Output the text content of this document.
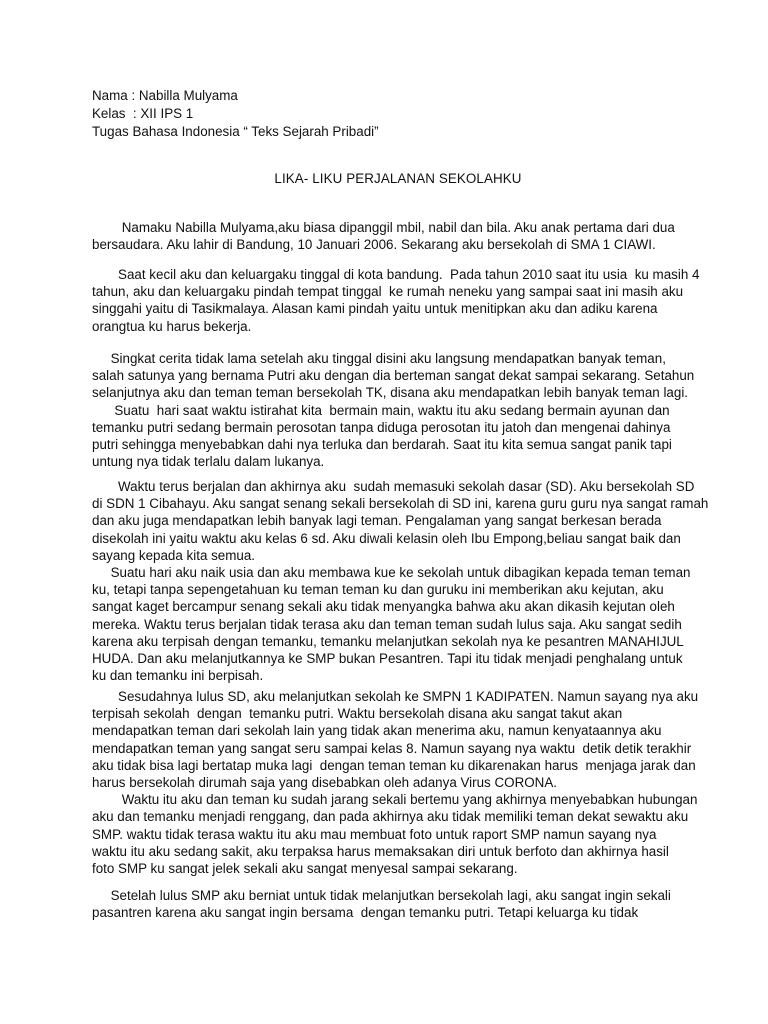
Nama : Nabilla Mulyama
Kelas  : XII IPS 1
Tugas Bahasa Indonesia “ Teks Sejarah Pribadi”
LIKA- LIKU PERJALANAN SEKOLAHKU
Namaku Nabilla Mulyama,aku biasa dipanggil mbil, nabil dan bila. Aku anak pertama dari dua
bersaudara. Aku lahir di Bandung, 10 Januari 2006. Sekarang aku bersekolah di SMA 1 CIAWI.
Saat kecil aku dan keluargaku tinggal di kota bandung.  Pada tahun 2010 saat itu usia  ku masih 4
tahun, aku dan keluargaku pindah tempat tinggal  ke rumah neneku yang sampai saat ini masih aku
singgahi yaitu di Tasikmalaya. Alasan kami pindah yaitu untuk menitipkan aku dan adiku karena
orangtua ku harus bekerja.
Singkat cerita tidak lama setelah aku tinggal disini aku langsung mendapatkan banyak teman,
salah satunya yang bernama Putri aku dengan dia berteman sangat dekat sampai sekarang. Setahun
selanjutnya aku dan teman teman bersekolah TK, disana aku mendapatkan lebih banyak teman lagi.
Suatu  hari saat waktu istirahat kita  bermain main, waktu itu aku sedang bermain ayunan dan
temanku putri sedang bermain perosotan tanpa diduga perosotan itu jatoh dan mengenai dahinya
putri sehingga menyebabkan dahi nya terluka dan berdarah. Saat itu kita semua sangat panik tapi
untung nya tidak terlalu dalam lukanya.
Waktu terus berjalan dan akhirnya aku  sudah memasuki sekolah dasar (SD). Aku bersekolah SD
di SDN 1 Cibahayu. Aku sangat senang sekali bersekolah di SD ini, karena guru guru nya sangat ramah
dan aku juga mendapatkan lebih banyak lagi teman. Pengalaman yang sangat berkesan berada
disekolah ini yaitu waktu aku kelas 6 sd. Aku diwali kelasin oleh Ibu Empong,beliau sangat baik dan
sayang kepada kita semua.
Suatu hari aku naik usia dan aku membawa kue ke sekolah untuk dibagikan kepada teman teman
ku, tetapi tanpa sepengetahuan ku teman teman ku dan guruku ini memberikan aku kejutan, aku
sangat kaget bercampur senang sekali aku tidak menyangka bahwa aku akan dikasih kejutan oleh
mereka. Waktu terus berjalan tidak terasa aku dan teman teman sudah lulus saja. Aku sangat sedih
karena aku terpisah dengan temanku, temanku melanjutkan sekolah nya ke pesantren MANAHIJUL
HUDA. Dan aku melanjutkannya ke SMP bukan Pesantren. Tapi itu tidak menjadi penghalang untuk
ku dan temanku ini berpisah.
Sesudahnya lulus SD, aku melanjutkan sekolah ke SMPN 1 KADIPATEN. Namun sayang nya aku
terpisah sekolah  dengan  temanku putri. Waktu bersekolah disana aku sangat takut akan
mendapatkan teman dari sekolah lain yang tidak akan menerima aku, namun kenyataannya aku
mendapatkan teman yang sangat seru sampai kelas 8. Namun sayang nya waktu  detik detik terakhir
aku tidak bisa lagi bertatap muka lagi  dengan teman teman ku dikarenakan harus  menjaga jarak dan
harus bersekolah dirumah saja yang disebabkan oleh adanya Virus CORONA.
Waktu itu aku dan teman ku sudah jarang sekali bertemu yang akhirnya menyebabkan hubungan
aku dan temanku menjadi renggang, dan pada akhirnya aku tidak memiliki teman dekat sewaktu aku
SMP. waktu tidak terasa waktu itu aku mau membuat foto untuk raport SMP namun sayang nya
waktu itu aku sedang sakit, aku terpaksa harus memaksakan diri untuk berfoto dan akhirnya hasil
foto SMP ku sangat jelek sekali aku sangat menyesal sampai sekarang.
Setelah lulus SMP aku berniat untuk tidak melanjutkan bersekolah lagi, aku sangat ingin sekali
pasantren karena aku sangat ingin bersama  dengan temanku putri. Tetapi keluarga ku tidak
